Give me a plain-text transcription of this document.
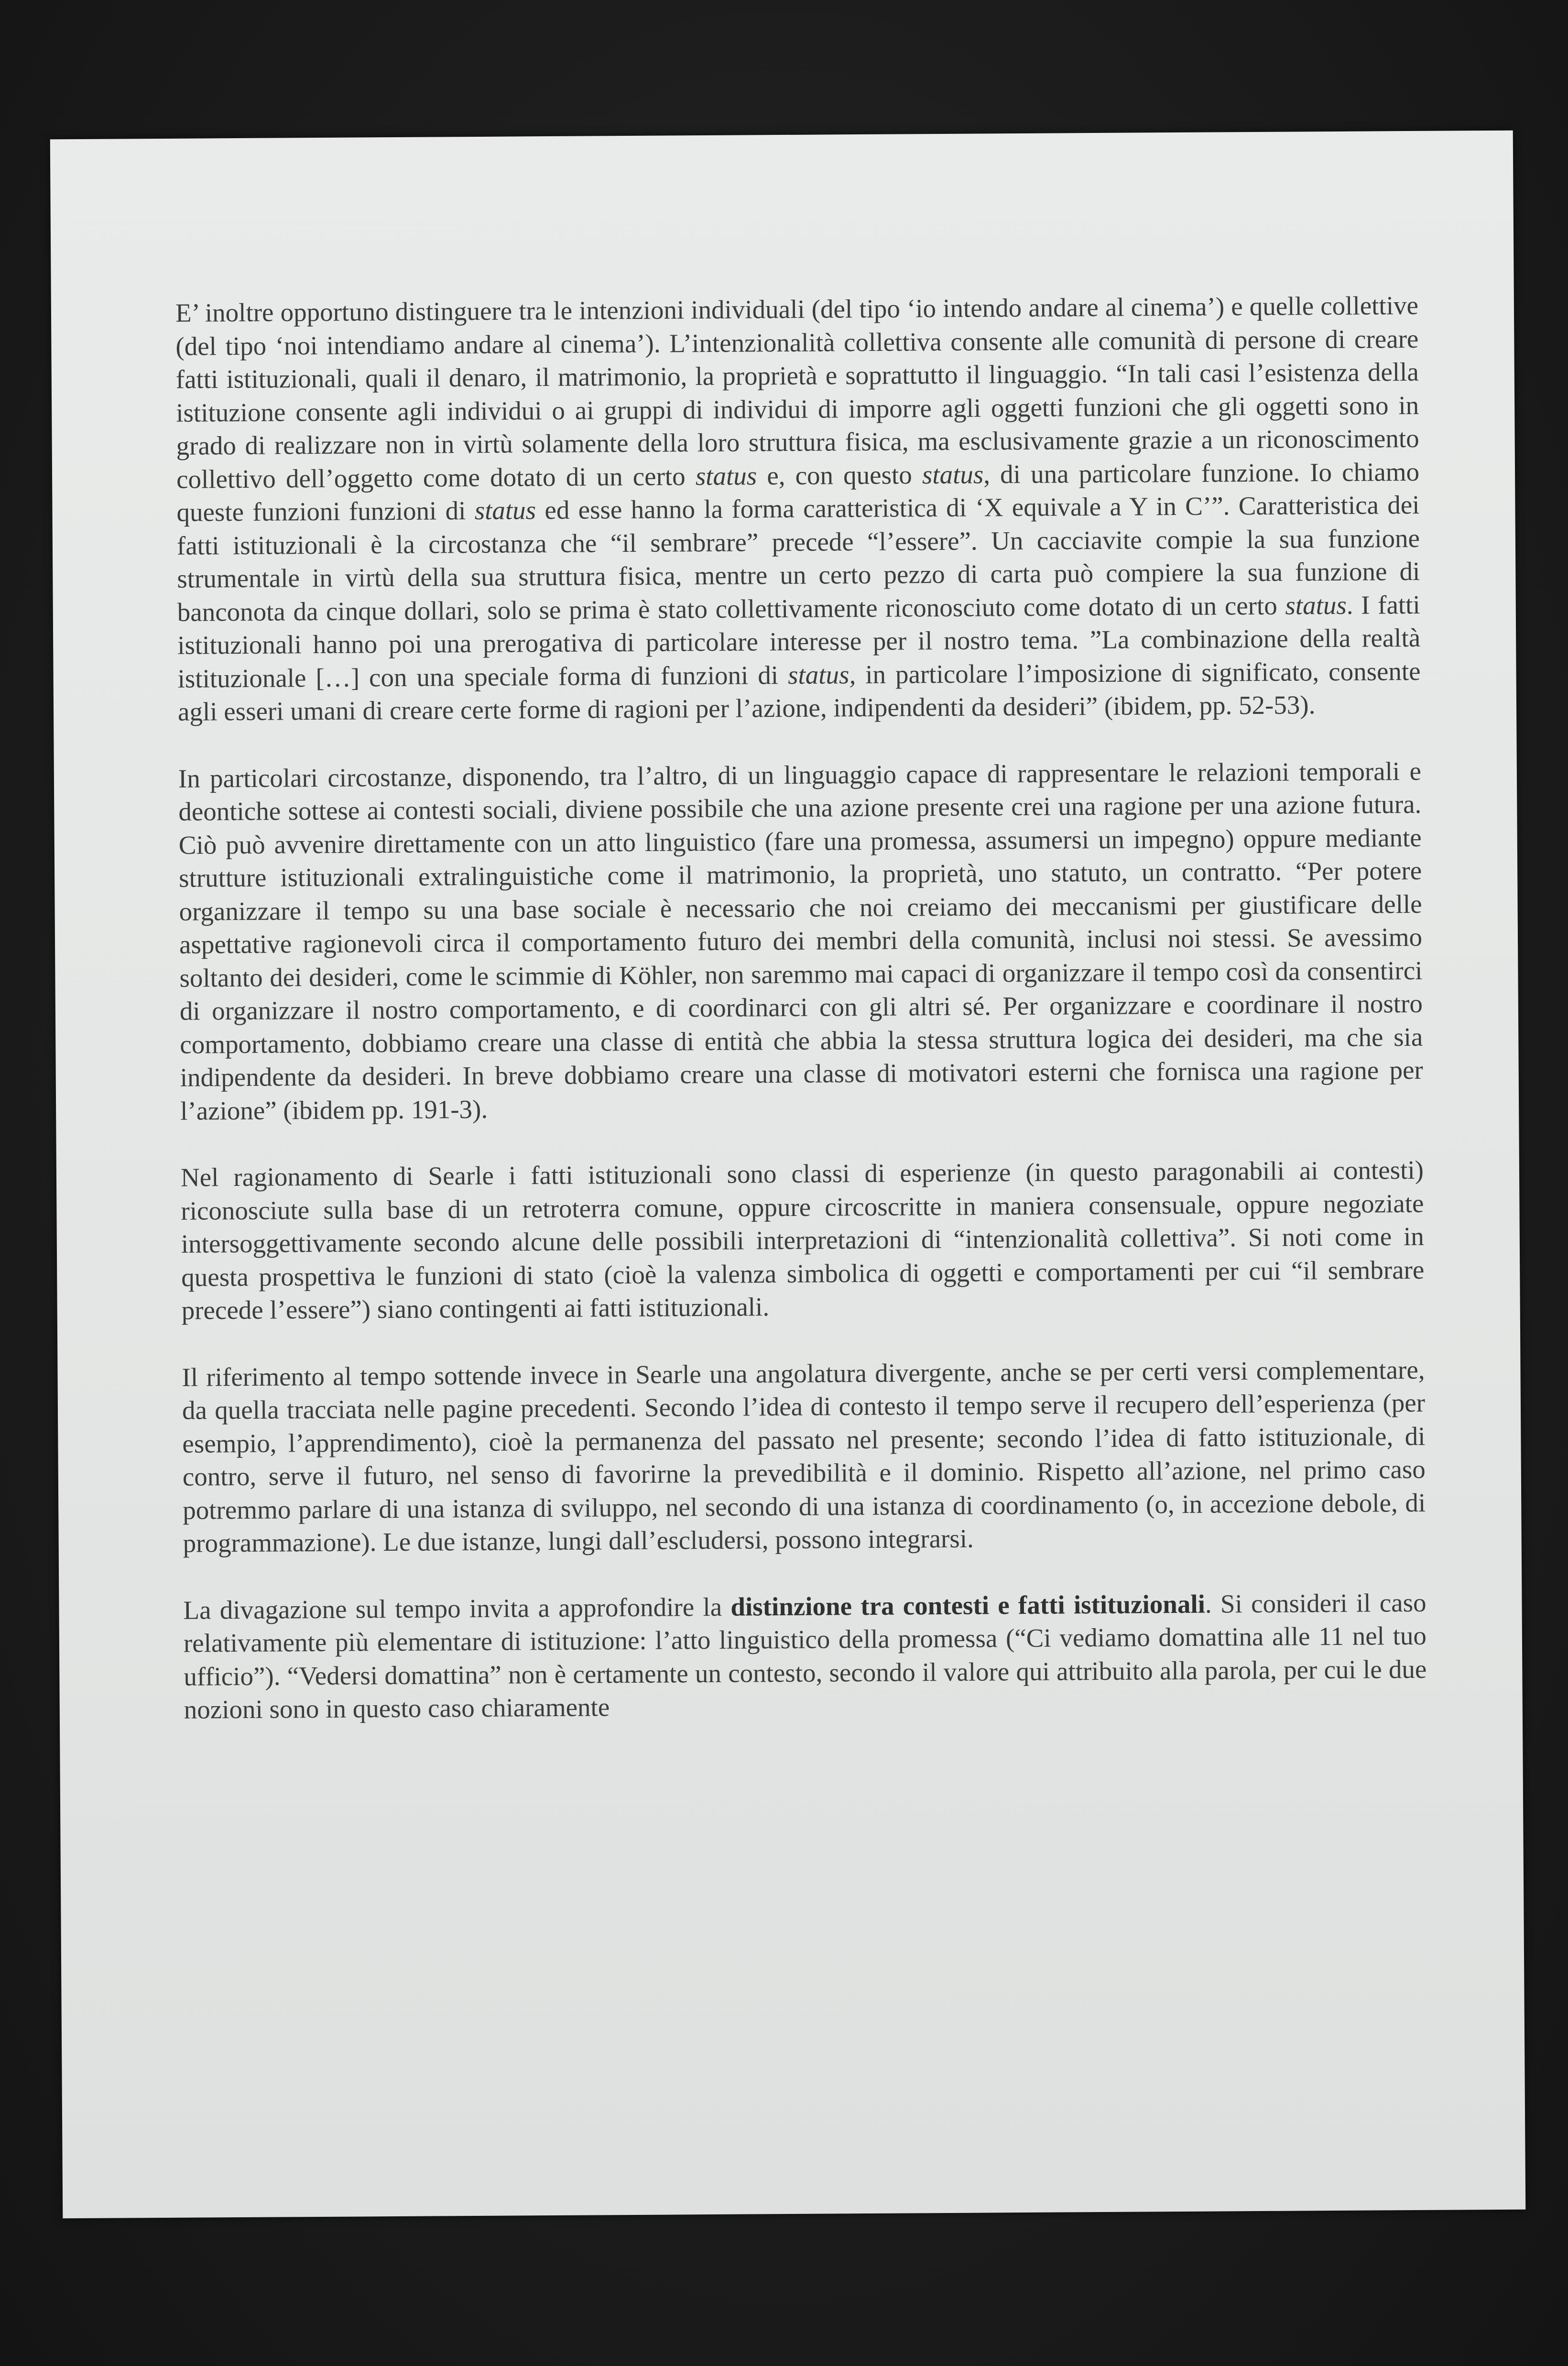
E’ inoltre opportuno distinguere tra le intenzioni individuali (del tipo ‘io intendo andare al cinema’) e quelle collettive (del tipo ‘noi intendiamo andare al cinema’). L’intenzionalità collettiva consente alle comunità di persone di creare fatti istituzionali, quali il denaro, il matrimonio, la proprietà e soprattutto il linguaggio. “In tali casi l’esistenza della istituzione consente agli individui o ai gruppi di individui di imporre agli oggetti funzioni che gli oggetti sono in grado di realizzare non in virtù solamente della loro struttura fisica, ma esclusivamente grazie a un riconoscimento collettivo dell’oggetto come dotato di un certo status e, con questo status, di una particolare funzione. Io chiamo queste funzioni funzioni di status ed esse hanno la forma caratteristica di ‘X equivale a Y in C’”. Caratteristica dei fatti istituzionali è la circostanza che “il sembrare” precede “l’essere”. Un cacciavite compie la sua funzione strumentale in virtù della sua struttura fisica, mentre un certo pezzo di carta può compiere la sua funzione di banconota da cinque dollari, solo se prima è stato collettivamente riconosciuto come dotato di un certo status. I fatti istituzionali hanno poi una prerogativa di particolare interesse per il nostro tema. ”La combinazione della realtà istituzionale […] con una speciale forma di funzioni di status, in particolare l’imposizione di significato, consente agli esseri umani di creare certe forme di ragioni per l’azione, indipendenti da desideri” (ibidem, pp. 52-53).

In particolari circostanze, disponendo, tra l’altro, di un linguaggio capace di rappresentare le relazioni temporali e deontiche sottese ai contesti sociali, diviene possibile che una azione presente crei una ragione per una azione futura. Ciò può avvenire direttamente con un atto linguistico (fare una promessa, assumersi un impegno) oppure mediante strutture istituzionali extralinguistiche come il matrimonio, la proprietà, uno statuto, un contratto. “Per potere organizzare il tempo su una base sociale è necessario che noi creiamo dei meccanismi per giustificare delle aspettative ragionevoli circa il comportamento futuro dei membri della comunità, inclusi noi stessi. Se avessimo soltanto dei desideri, come le scimmie di Köhler, non saremmo mai capaci di organizzare il tempo così da consentirci di organizzare il nostro comportamento, e di coordinarci con gli altri sé. Per organizzare e coordinare il nostro comportamento, dobbiamo creare una classe di entità che abbia la stessa struttura logica dei desideri, ma che sia indipendente da desideri. In breve dobbiamo creare una classe di motivatori esterni che fornisca una ragione per l’azione” (ibidem pp. 191-3).

Nel ragionamento di Searle i fatti istituzionali sono classi di esperienze (in questo paragonabili ai contesti) riconosciute sulla base di un retroterra comune, oppure circoscritte in maniera consensuale, oppure negoziate intersoggettivamente secondo alcune delle possibili interpretazioni di “intenzionalità collettiva”. Si noti come in questa prospettiva le funzioni di stato (cioè la valenza simbolica di oggetti e comportamenti per cui “il sembrare precede l’essere”) siano contingenti ai fatti istituzionali.

Il riferimento al tempo sottende invece in Searle una angolatura divergente, anche se per certi versi complementare, da quella tracciata nelle pagine precedenti. Secondo l’idea di contesto il tempo serve il recupero dell’esperienza (per esempio, l’apprendimento), cioè la permanenza del passato nel presente; secondo l’idea di fatto istituzionale, di contro, serve il futuro, nel senso di favorirne la prevedibilità e il dominio. Rispetto all’azione, nel primo caso potremmo parlare di una istanza di sviluppo, nel secondo di una istanza di coordinamento (o, in accezione debole, di programmazione). Le due istanze, lungi dall’escludersi, possono integrarsi.

La divagazione sul tempo invita a approfondire la distinzione tra contesti e fatti istituzionali. Si consideri il caso relativamente più elementare di istituzione: l’atto linguistico della promessa (“Ci vediamo domattina alle 11 nel tuo ufficio”). “Vedersi domattina” non è certamente un contesto, secondo il valore qui attribuito alla parola, per cui le due nozioni sono in questo caso chiaramente
